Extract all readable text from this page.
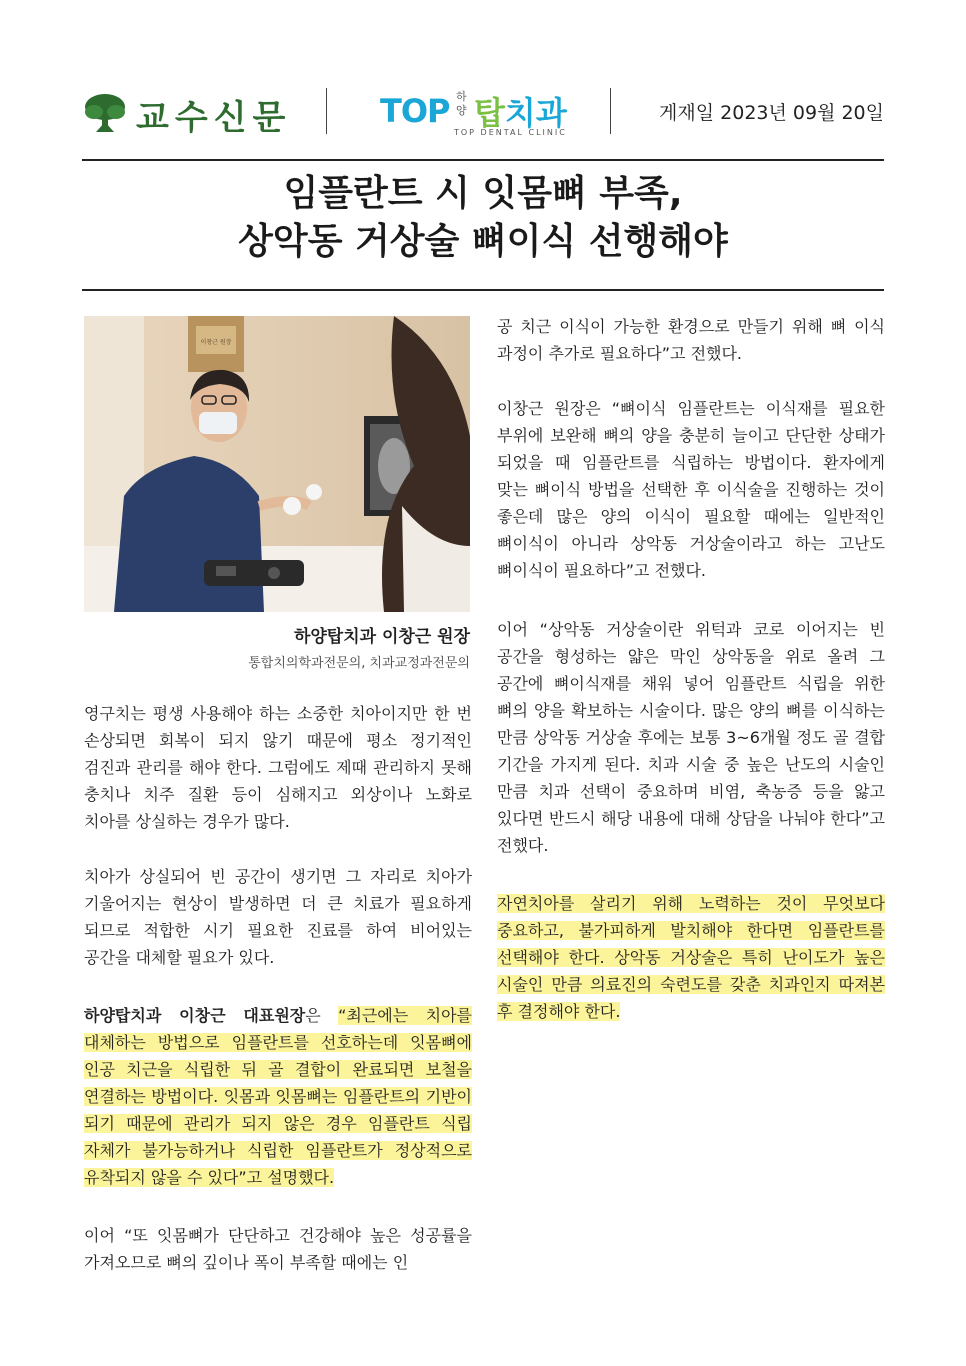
교수신문	TOP 하양 탑치과
TOP DENTAL CLINIC
게재일 2023년 09월 20일
임플란트 시 잇몸뼈 부족,
상악동 거상술 뼈이식 선행해야
이창근 원장
하양탑치과 이창근 원장
통합치의학과전문의, 치과교정과전문의

영구치는 평생 사용해야 하는 소중한 치아이지만 한 번 손상되면 회복이 되지 않기 때문에 평소 정기적인 검진과 관리를 해야 한다. 그럼에도 제때 관리하지 못해 충치나 치주 질환 등이 심해지고 외상이나 노화로 치아를 상실하는 경우가 많다.

치아가 상실되어 빈 공간이 생기면 그 자리로 치아가 기울어지는 현상이 발생하면 더 큰 치료가 필요하게 되므로 적합한 시기 필요한 진료를 하여 비어있는 공간을 대체할 필요가 있다.

하양탑치과 이창근 대표원장은 “최근에는 치아를 대체하는 방법으로 임플란트를 선호하는데 잇몸뼈에 인공 치근을 식립한 뒤 골 결합이 완료되면 보철을 연결하는 방법이다. 잇몸과 잇몸뼈는 임플란트의 기반이 되기 때문에 관리가 되지 않은 경우 임플란트 식립 자체가 불가능하거나 식립한 임플란트가 정상적으로 유착되지 않을 수 있다”고 설명했다.

이어 “또 잇몸뼈가 단단하고 건강해야 높은 성공률을 가져오므로 뼈의 깊이나 폭이 부족할 때에는 인

공 치근 이식이 가능한 환경으로 만들기 위해 뼈 이식 과정이 추가로 필요하다”고 전했다.

이창근 원장은 “뼈이식 임플란트는 이식재를 필요한 부위에 보완해 뼈의 양을 충분히 늘이고 단단한 상태가 되었을 때 임플란트를 식립하는 방법이다. 환자에게 맞는 뼈이식 방법을 선택한 후 이식술을 진행하는 것이 좋은데 많은 양의 이식이 필요할 때에는 일반적인 뼈이식이 아니라 상악동 거상술이라고 하는 고난도 뼈이식이 필요하다”고 전했다.

이어 “상악동 거상술이란 위턱과 코로 이어지는 빈 공간을 형성하는 얇은 막인 상악동을 위로 올려 그 공간에 뼈이식재를 채워 넣어 임플란트 식립을 위한 뼈의 양을 확보하는 시술이다. 많은 양의 뼈를 이식하는 만큼 상악동 거상술 후에는 보통 3~6개월 정도 골 결합 기간을 가지게 된다. 치과 시술 중 높은 난도의 시술인 만큼 치과 선택이 중요하며 비염, 축농증 등을 앓고 있다면 반드시 해당 내용에 대해 상담을 나눠야 한다”고 전했다.

자연치아를 살리기 위해 노력하는 것이 무엇보다 중요하고, 불가피하게 발치해야 한다면 임플란트를 선택해야 한다. 상악동 거상술은 특히 난이도가 높은 시술인 만큼 의료진의 숙련도를 갖춘 치과인지 따져본 후 결정해야 한다.
